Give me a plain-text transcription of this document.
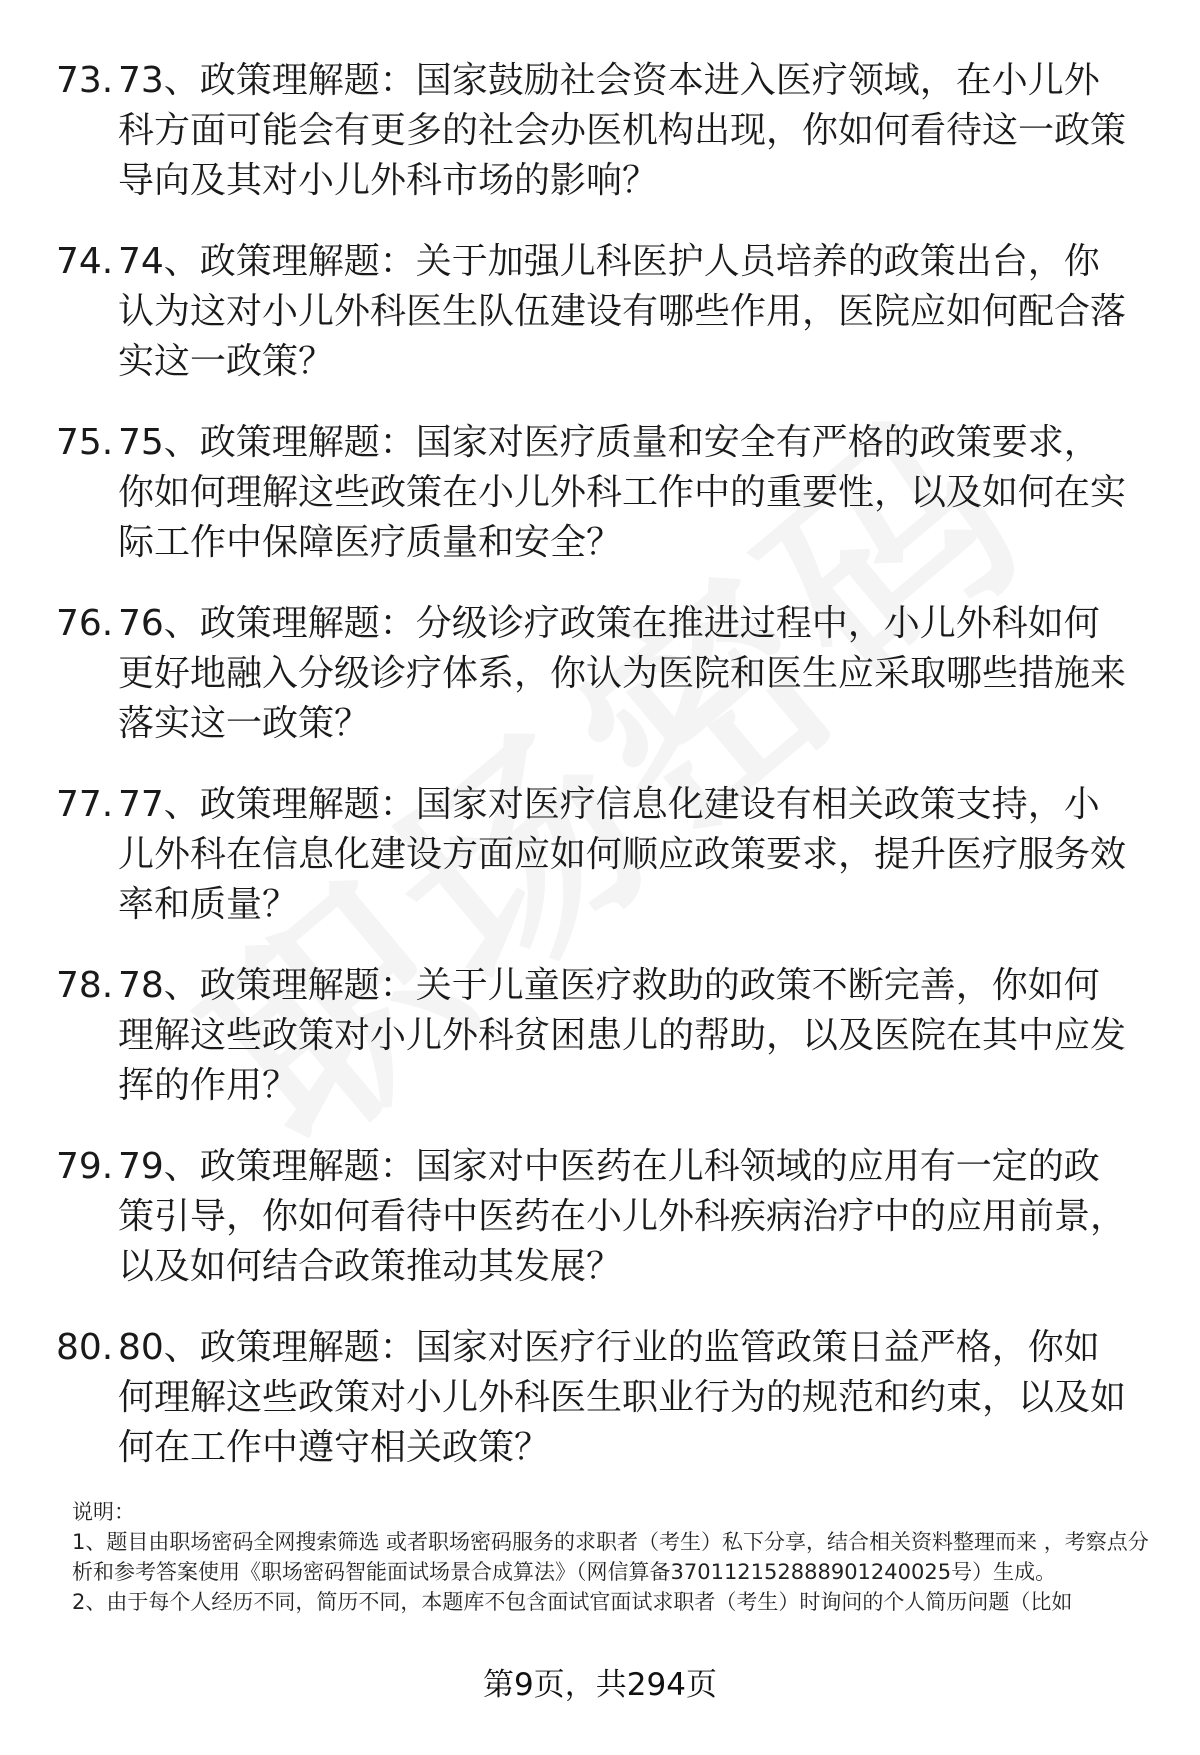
73. 73、政策理解题：国家鼓励社会资本进入医疗领域，在小儿外科方面可能会有更多的社会办医机构出现，你如何看待这一政策导向及其对小儿外科市场的影响？
74. 74、政策理解题：关于加强儿科医护人员培养的政策出台，你认为这对小儿外科医生队伍建设有哪些作用，医院应如何配合落实这一政策？
75. 75、政策理解题：国家对医疗质量和安全有严格的政策要求，你如何理解这些政策在小儿外科工作中的重要性，以及如何在实际工作中保障医疗质量和安全？
76. 76、政策理解题：分级诊疗政策在推进过程中，小儿外科如何更好地融入分级诊疗体系，你认为医院和医生应采取哪些措施来落实这一政策？
77. 77、政策理解题：国家对医疗信息化建设有相关政策支持，小儿外科在信息化建设方面应如何顺应政策要求，提升医疗服务效率和质量？
78. 78、政策理解题：关于儿童医疗救助的政策不断完善，你如何理解这些政策对小儿外科贫困患儿的帮助，以及医院在其中应发挥的作用？
79. 79、政策理解题：国家对中医药在儿科领域的应用有一定的政策引导，你如何看待中医药在小儿外科疾病治疗中的应用前景，以及如何结合政策推动其发展？
80. 80、政策理解题：国家对医疗行业的监管政策日益严格，你如何理解这些政策对小儿外科医生职业行为的规范和约束，以及如何在工作中遵守相关政策？

说明：

1、题目由职场密码全网搜索筛选 或者职场密码服务的求职者（考生）私下分享，结合相关资料整理而来 ，考察点分析和参考答案使用《职场密码智能面试场景合成算法》（网信算备370112152888901240025号）生成。

2、由于每个人经历不同，简历不同，本题库不包含面试官面试求职者（考生）时询问的个人简历问题（比如

第9页，共294页
